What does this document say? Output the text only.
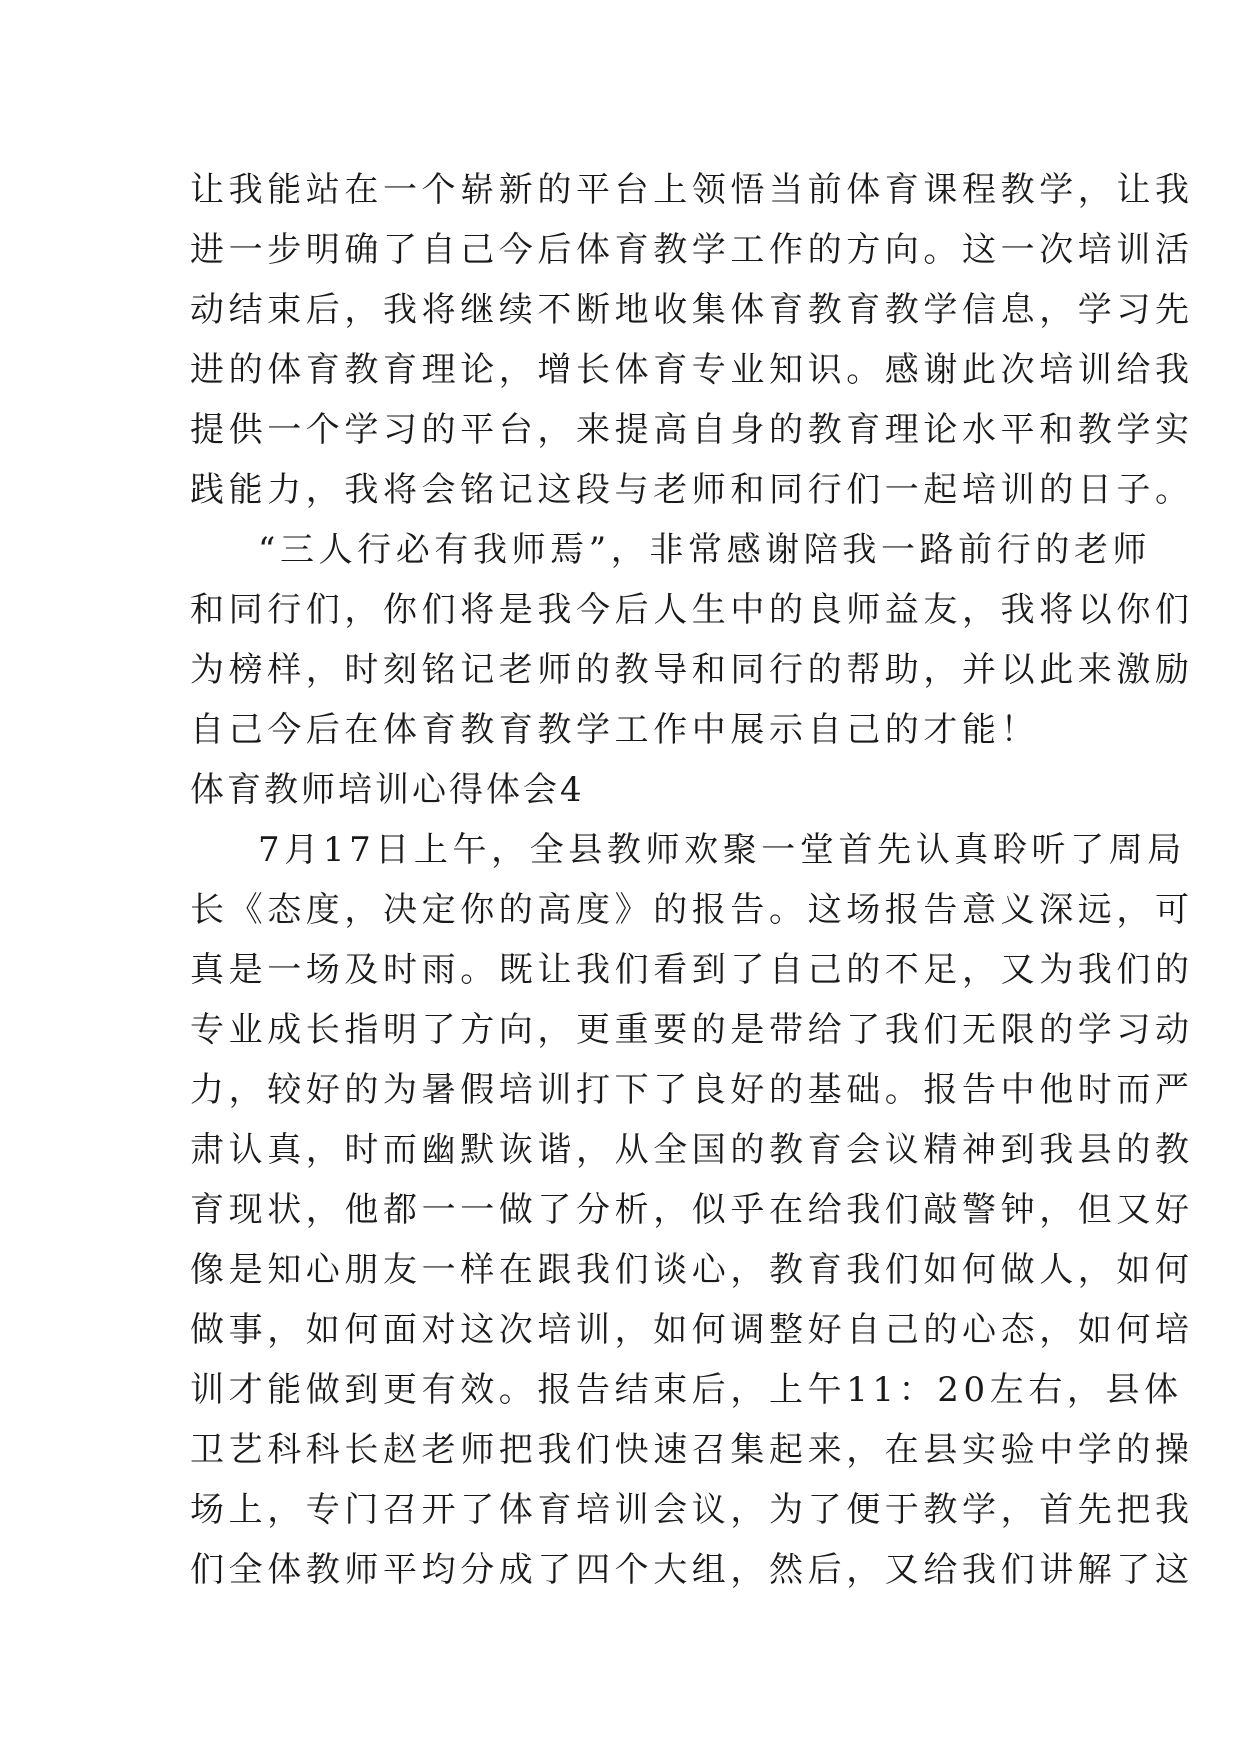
让我能站在一个崭新的平台上领悟当前体育课程教学，让我
进一步明确了自己今后体育教学工作的方向。这一次培训活
动结束后，我将继续不断地收集体育教育教学信息，学习先
进的体育教育理论，增长体育专业知识。感谢此次培训给我
提供一个学习的平台，来提高自身的教育理论水平和教学实
践能力，我将会铭记这段与老师和同行们一起培训的日子。
“三人行必有我师焉”，非常感谢陪我一路前行的老师
和同行们，你们将是我今后人生中的良师益友，我将以你们
为榜样，时刻铭记老师的教导和同行的帮助，并以此来激励
自己今后在体育教育教学工作中展示自己的才能！
体育教师培训心得体会4
7月17日上午，全县教师欢聚一堂首先认真聆听了周局
长《态度，决定你的高度》的报告。这场报告意义深远，可
真是一场及时雨。既让我们看到了自己的不足，又为我们的
专业成长指明了方向，更重要的是带给了我们无限的学习动
力，较好的为暑假培训打下了良好的基础。报告中他时而严
肃认真，时而幽默诙谐，从全国的教育会议精神到我县的教
育现状，他都一一做了分析，似乎在给我们敲警钟，但又好
像是知心朋友一样在跟我们谈心，教育我们如何做人，如何
做事，如何面对这次培训，如何调整好自己的心态，如何培
训才能做到更有效。报告结束后，上午11：20左右，县体
卫艺科科长赵老师把我们快速召集起来，在县实验中学的操
场上，专门召开了体育培训会议，为了便于教学，首先把我
们全体教师平均分成了四个大组，然后，又给我们讲解了这
